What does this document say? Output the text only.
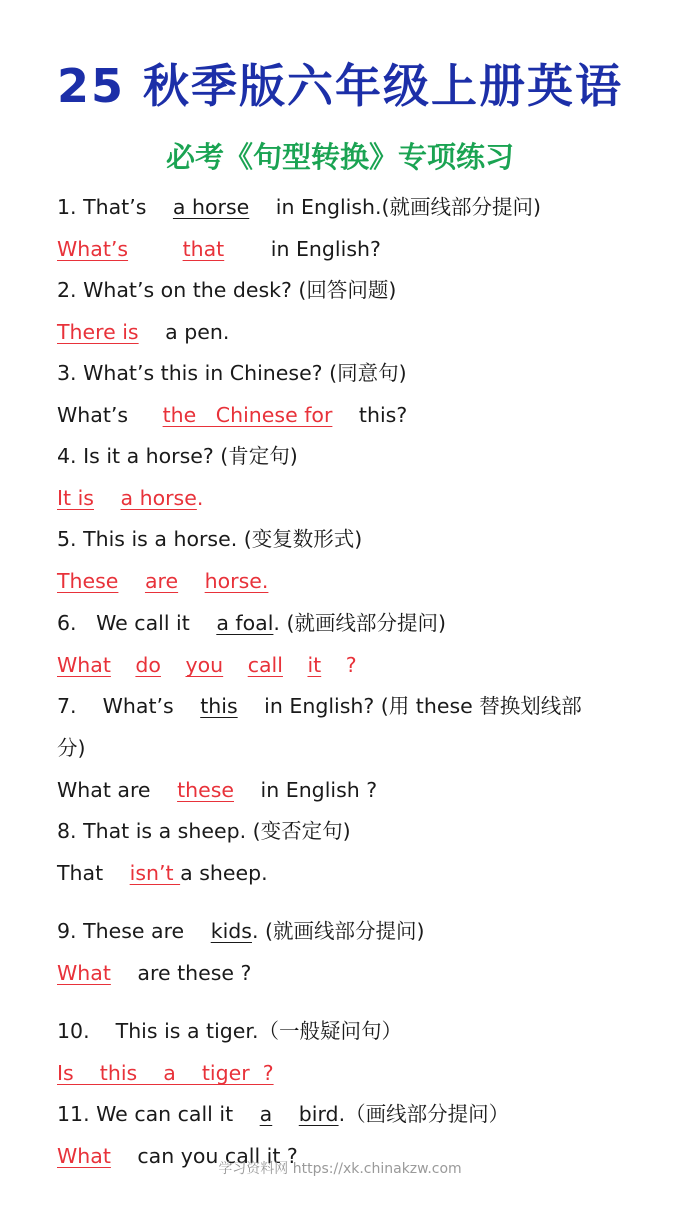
25 秋季版六年级上册英语
必考《句型转换》专项练习
1. That’s a horse in English.(就画线部分提问)
What’s	that in English?
2. What’s on the desk? (回答问题)
There is a pen.
3. What’s this in Chinese? (同意句)
What’s the   Chinese for this?
4. Is it a horse? (肯定句)
It is a horse.
5. This is a horse. (变复数形式)
These are horse.
6.   We call it a foal. (就画线部分提问)
What do you call it ?
7.    What’s this in English? (用 these 替换划线部
分)
What are these in English ?
8. That is a sheep. (变否定句)
That isn’t a sheep.
9. These are kids. (就画线部分提问)
What are these ?
10.    This is a tiger.（一般疑问句）
Is    this    a    tiger  ?
11. We can call it a bird.（画线部分提问）
What can you call it ?
学习资料网 https://xk.chinakzw.com
